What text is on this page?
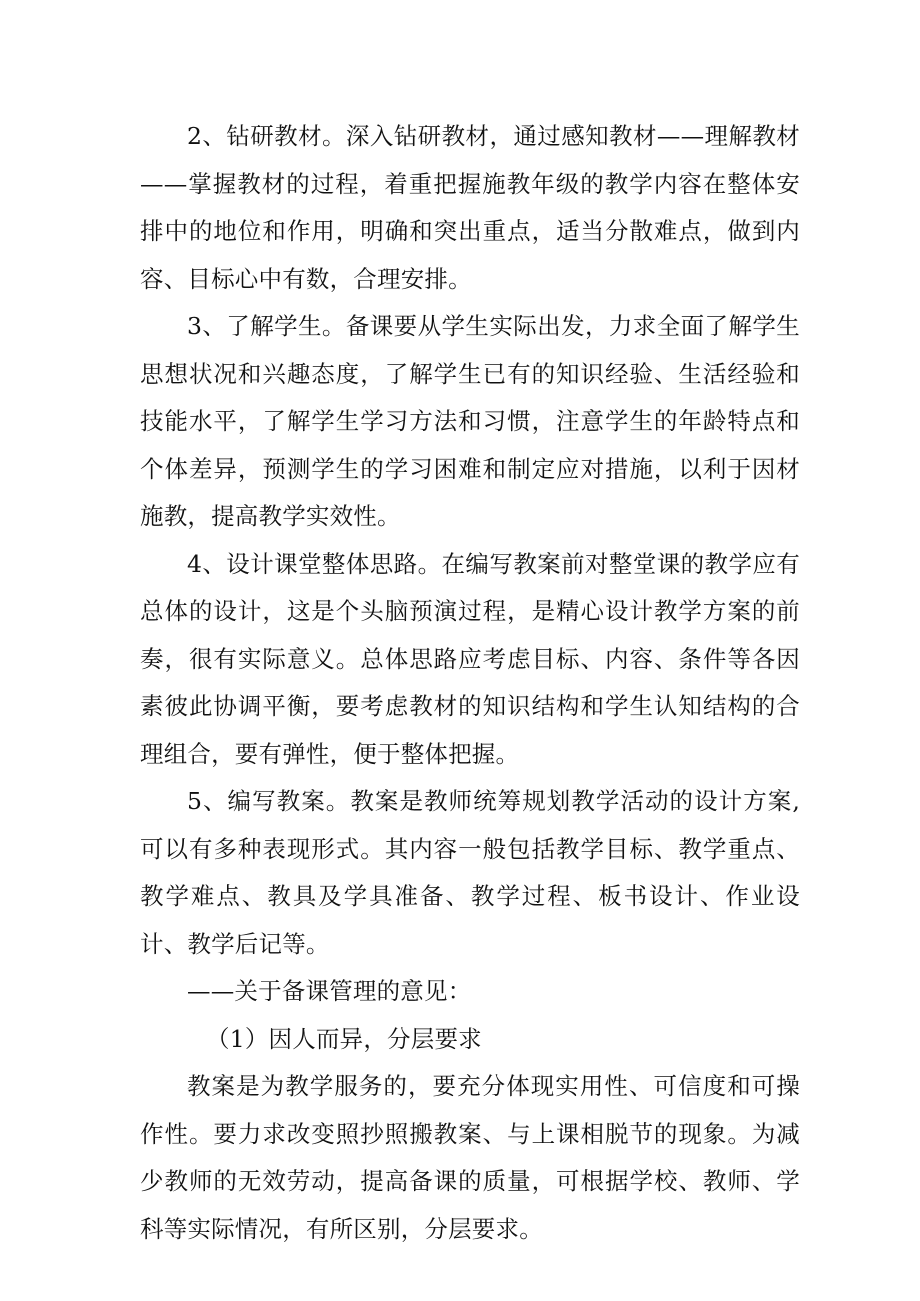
2、钻研教材。深入钻研教材，通过感知教材——理解教材——掌握教材的过程，着重把握施教年级的教学内容在整体安排中的地位和作用，明确和突出重点，适当分散难点，做到内容、目标心中有数，合理安排。

3、了解学生。备课要从学生实际出发，力求全面了解学生思想状况和兴趣态度，了解学生已有的知识经验、生活经验和技能水平，了解学生学习方法和习惯，注意学生的年龄特点和个体差异，预测学生的学习困难和制定应对措施，以利于因材施教，提高教学实效性。

4、设计课堂整体思路。在编写教案前对整堂课的教学应有总体的设计，这是个头脑预演过程，是精心设计教学方案的前奏，很有实际意义。总体思路应考虑目标、内容、条件等各因素彼此协调平衡，要考虑教材的知识结构和学生认知结构的合理组合，要有弹性，便于整体把握。

5、编写教案。教案是教师统筹规划教学活动的设计方案,可以有多种表现形式。其内容一般包括教学目标、教学重点、教学难点、教具及学具准备、教学过程、板书设计、作业设计、教学后记等。

——关于备课管理的意见：

（1）因人而异，分层要求

教案是为教学服务的，要充分体现实用性、可信度和可操作性。要力求改变照抄照搬教案、与上课相脱节的现象。为减少教师的无效劳动，提高备课的质量，可根据学校、教师、学科等实际情况，有所区别，分层要求。
